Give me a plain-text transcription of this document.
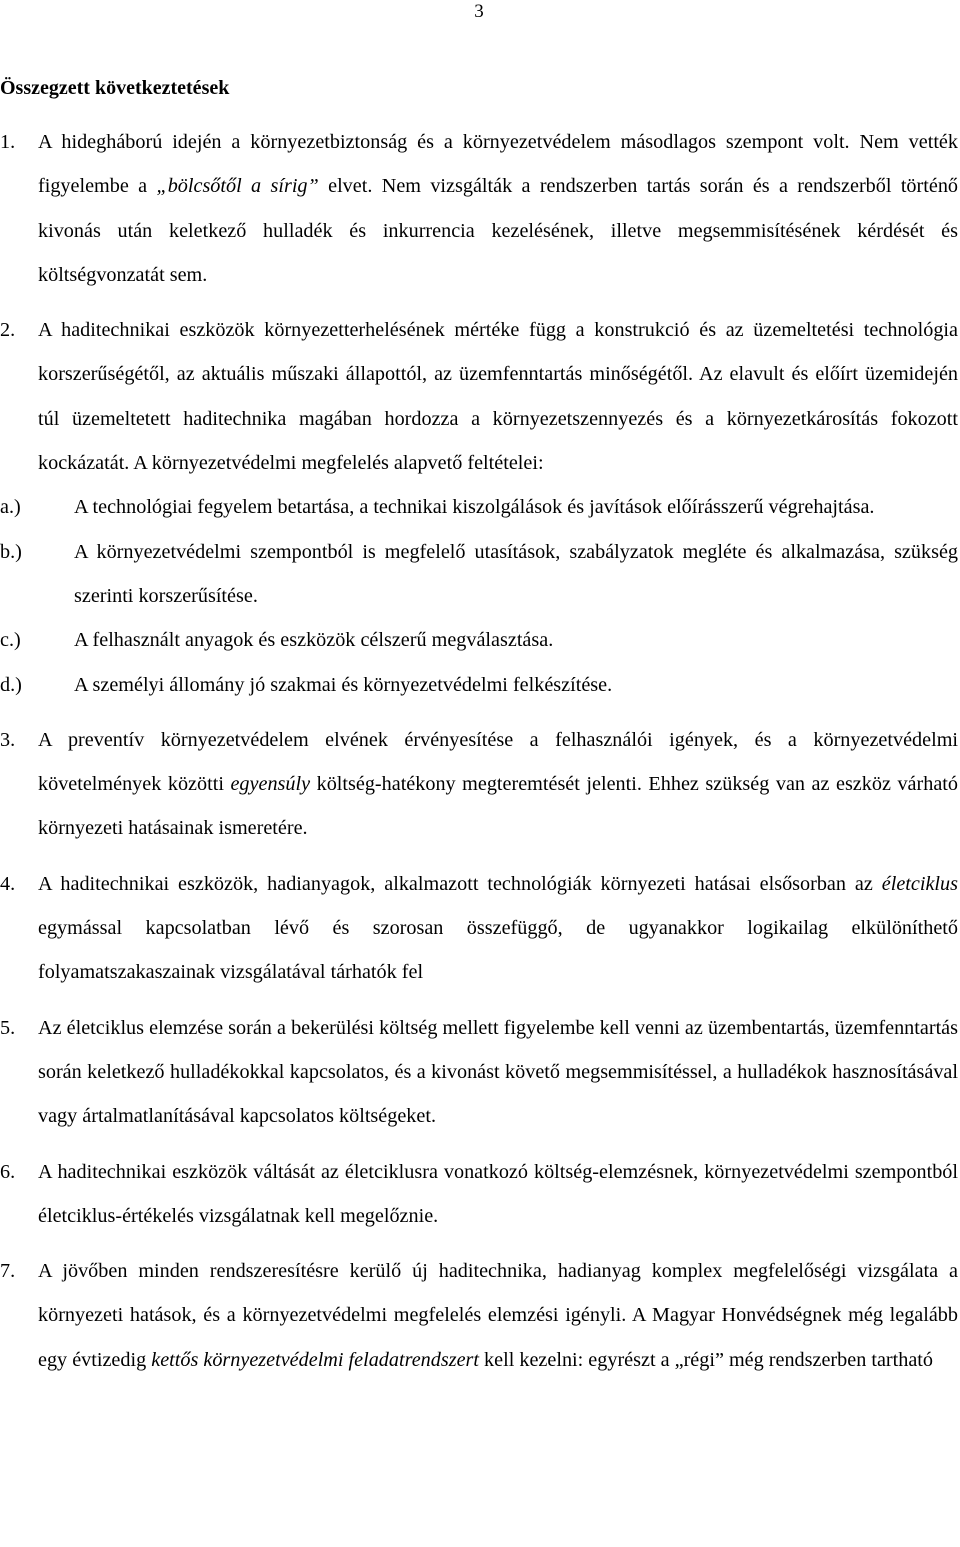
3
Összegzett következtetések
1. A hidegháború idején a környezetbiztonság és a környezetvédelem másodlagos szempont volt. Nem vették figyelembe a „bölcsőtől a sírig” elvet. Nem vizsgálták a rendszerben tartás során és a rendszerből történő kivonás után keletkező hulladék és inkurrencia kezelésének, illetve megsemmisítésének kérdését és költségvonzatát sem.

2. A haditechnikai eszközök környezetterhelésének mértéke függ a konstrukció és az üzemeltetési technológia korszerűségétől, az aktuális műszaki állapottól, az üzemfenntartás minőségétől. Az elavult és előírt üzemidején túl üzemeltetett haditechnika magában hordozza a környezetszennyezés és a környezetkárosítás fokozott kockázatát. A környezetvédelmi megfelelés alapvető feltételei:

a.)	A technológiai fegyelem betartása, a technikai kiszolgálások és javítások előírásszerű végrehajtása.

b.)	A környezetvédelmi szempontból is megfelelő utasítások, szabályzatok megléte és alkalmazása, szükség szerinti korszerűsítése.

c.)	A felhasznált anyagok és eszközök célszerű megválasztása.

d.)	A személyi állomány jó szakmai és környezetvédelmi felkészítése.

3. A preventív környezetvédelem elvének érvényesítése a felhasználói igények, és a környezetvédelmi követelmények közötti egyensúly költség-hatékony megteremtését jelenti. Ehhez szükség van az eszköz várható környezeti hatásainak ismeretére.

4. A haditechnikai eszközök, hadianyagok, alkalmazott technológiák környezeti hatásai elsősorban az életciklus egymással kapcsolatban lévő és szorosan összefüggő, de ugyanakkor logikailag elkülöníthető folyamatszakaszainak vizsgálatával tárhatók fel

5. Az életciklus elemzése során a bekerülési költség mellett figyelembe kell venni az üzembentartás, üzemfenntartás során keletkező hulladékokkal kapcsolatos, és a kivonást követő megsemmisítéssel, a hulladékok hasznosításával vagy ártalmatlanításával kapcsolatos költségeket.

6. A haditechnikai eszközök váltását az életciklusra vonatkozó költség-elemzésnek, környezetvédelmi szempontból életciklus-értékelés vizsgálatnak kell megelőznie.

7. A jövőben minden rendszeresítésre kerülő új haditechnika, hadianyag komplex megfelelőségi vizsgálata a környezeti hatások, és a környezetvédelmi megfelelés elemzési igényli. A Magyar Honvédségnek még legalább egy évtizedig kettős környezetvédelmi feladatrendszert kell kezelni: egyrészt a „régi” még rendszerben tartható
